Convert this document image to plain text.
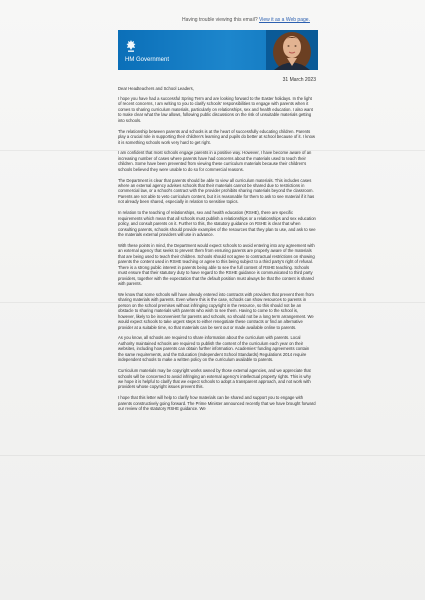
Having trouble viewing this email? View it as a Web page.
HM Government
31 March 2023

Dear Headteachers and School Leaders,

I hope you have had a successful Spring Term and are looking forward to the Easter holidays. In the light of recent concerns, I am writing to you to clarify schools' responsibilities to engage with parents when it comes to sharing curriculum materials, particularly on relationships, sex and health education. I also want to make clear what the law allows, following public discussions on the risk of unsuitable materials getting into schools.

The relationship between parents and schools is at the heart of successfully educating children. Parents play a crucial role in supporting their children's learning and pupils do better at school because of it. I know it is something schools work very hard to get right.

I am confident that most schools engage parents in a positive way. However, I have become aware of an increasing number of cases where parents have had concerns about the materials used to teach their children. Some have been prevented from viewing these curriculum materials because their children's schools believed they were unable to do so for commercial reasons.

The Department is clear that parents should be able to view all curriculum materials. This includes cases where an external agency advises schools that their materials cannot be shared due to restrictions in commercial law, or a school's contract with the provider prohibits sharing materials beyond the classroom. Parents are not able to veto curriculum content, but it is reasonable for them to ask to see material if it has not already been shared, especially in relation to sensitive topics.

In relation to the teaching of relationships, sex and health education (RSHE), there are specific requirements which mean that all schools must publish a relationships or a relationships and sex education policy, and consult parents on it. Further to this, the statutory guidance on RSHE is clear that when consulting parents, schools should provide examples of the resources that they plan to use, and ask to see the materials external providers will use in advance.

With these points in mind, the Department would expect schools to avoid entering into any agreement with an external agency that seeks to prevent them from ensuring parents are properly aware of the materials that are being used to teach their children. Schools should not agree to contractual restrictions on showing parents the content used in RSHE teaching or agree to this being subject to a third party's right of refusal. There is a strong public interest in parents being able to see the full content of RSHE teaching. Schools must ensure that their statutory duty to have regard to the RSHE guidance is communicated to third party providers, together with the expectation that the default position must always be that the content is shared with parents.

We know that some schools will have already entered into contracts with providers that prevent them from sharing materials with parents. Even where this is the case, schools can show resources to parents in person on the school premises without infringing copyright in the resource, so this should not be an obstacle to sharing materials with parents who wish to see them. Having to come to the school is, however, likely to be inconvenient for parents and schools, so should not be a long term arrangement. We would expect schools to take urgent steps to either renegotiate these contracts or find an alternative provider at a suitable time, so that materials can be sent out or made available online to parents.

As you know, all schools are required to share information about the curriculum with parents. Local Authority maintained schools are required to publish the content of the curriculum each year on their websites, including how parents can obtain further information. Academies' funding agreements contain the same requirements, and the Education (Independent School Standards) Regulations 2014 require independent schools to make a written policy on the curriculum available to parents.

Curriculum materials may be copyright works owned by those external agencies, and we appreciate that schools will be concerned to avoid infringing an external agency's intellectual property rights. This is why we hope it is helpful to clarify that we expect schools to adopt a transparent approach, and not work with providers whose copyright issues prevent this.

I hope that this letter will help to clarify how materials can be shared and support you to engage with parents constructively going forward. The Prime Minister announced recently that we have brought forward our review of the statutory RSHE guidance. We
